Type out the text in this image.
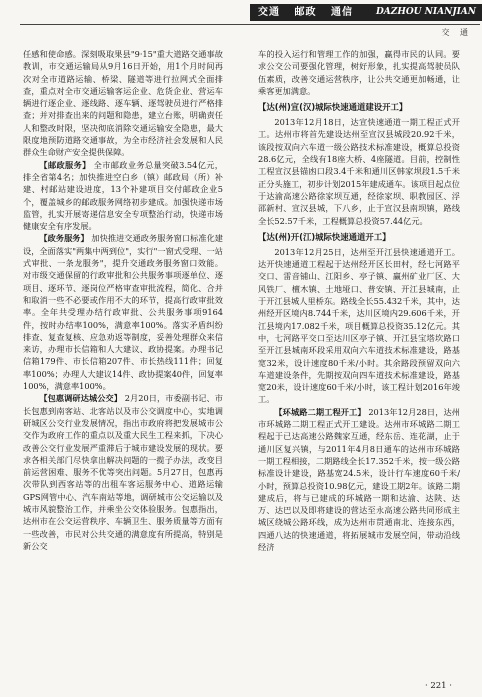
交通 邮政 通信	DAZHOU NIANJIAN
交 通

任感和使命感。深刻吸取果县"9·15"重大道路交通事故教训，市交通运输局从9月16日开始，用1个月时间再次对全市道路运输、桥梁、隧道等进行拉网式全面排查，重点对全市交通运输客运企业、危货企业、营运车辆进行逐企业、逐线路、逐车辆、逐驾驶员进行严格排查；并对排查出来的问题和隐患，建立台账，明确责任人和整改时限，坚决彻底消除交通运输安全隐患，最大限度地预防道路交通事故，为全市经济社会发展和人民群众生命财产安全提供保障。

【邮政服务】 全市邮政业务总量突破3.54亿元，排全省第4名；加快推进空白乡（镇）邮政局（所）补建、村邮站建设进度，13个补建项目交付邮政企业5个，覆盖城乡的邮政服务网络初步建成。加强快递市场监管，扎实开展寄递信息安全专项整治行动，快递市场健康安全有序发展。

【政务服务】 加快推进交通政务服务窗口标准化建设，全面落实"两集中两到位"，实行"一窗式受理、一站式审批、一条龙服务"，提升交通政务服务窗口效能。对市级交通保留的行政审批和公共服务事项逐单位、逐项目、逐环节、逐岗位严格审查审批流程，简化、合并和取消一些不必要或作用不大的环节，提高行政审批效率。全年共受理办结行政审批、公共服务事项9164件，按时办结率100%，满意率100%。落实矛盾纠纷排查、复查复核、应急劝返等制度，妥善处理群众来信来访，办理市长信箱和人大建议、政协提案。办理书记信箱179件、市长信箱207件、市长热线111件；回复率100%；办理人大建议14件、政协提案40件，回复率100%，满意率100%。

【包惠调研达城公交】 2月20日，市委副书记、市长包惠到南客站、北客站以及市公交调度中心，实地调研城区公交行业发展情况，指出市政府将把发展城市公交作为政府工作的重点以及重大民生工程来抓，下决心改善公交行业发展严重滞后于城市建设发展的现状。要求各相关部门尽快拿出解决问题的一揽子办法，改变目前运营困难、服务不优等突出问题。5月27日，包惠再次带队到西客站等的出租车客运服务中心、道路运输GPS网管中心、汽车南站等地，调研城市公交运输以及城市风貌整治工作，并乘坐公交体验服务。包惠指出，达州市在公交运营秩序、车辆卫生、服务质量等方面有一些改善，市民对公共交通的满意度有所提高，特别是新公交

车的投入运行和管理工作的加强，赢得市民的认同。要求公交公司要强化管理，树好形象，扎实提高驾驶员队伍素质，改善交通运营秩序，让公共交通更加畅通，让乘客更加满意。

【达(州)宣(汉)城际快速通道建设开工】

2013年12月18日，达宣快速通道一期工程正式开工。达州市将首先建设达州至宣汉县城段20.92千米，该段按双向六车道一级公路技术标准建设，概算总投资28.6亿元，全线有18座大桥、4座隧道。目前，控制性工程宣汉县锚凼口段3.4千米和通川区韩家坝段1.5千米正分头施工，初步计划2015年建成通车。该项目起点位于达渝高速公路徐家坝互通，经徐家坝、职教园区、浮邵新村、宣汉县城，下八乡，止于宣汉县南坝镇，路线全长52.57千米，工程概算总投资57.44亿元。

【达(州)开(江)城际快速通道开工】

2013年12月25日，达州至开江县快速通道开工。达开快速通道工程起于达州经开区长田村，经七河路平交口、雷音铺山、江阳乡、亭子镇、赢州矿业厂区、大风铁厂、檀木镇、土地垭口、普安镇、开江县城南，止于开江县城人里桥东。路线全长55.432千米，其中，达州经开区境内8.744千米，达川区境内29.606千米，开江县境内17.082千米，项目概算总投资35.12亿元。其中，七河路平交口至达川区亭子镇、开江县宝塔坎路口至开江县城南环段采用双向六车道技术标准建设，路基宽32米，设计速度80千米/小时。其余路段预留双向六车道建设条件，先期按双向四车道技术标准建设，路基宽20米，设计速度60千米/小时，该工程计划2016年竣工。

【环城路二期工程开工】 2013年12月28日，达州市环城路二期工程正式开工建设。达州市环城路二期工程起于已达高速公路魏家互通，经东岳、连花湖，止于通川区复兴镇，与2011年4月8日通车的达州市环城路一期工程相接，二期路线全长17.352千米，按一级公路标准设计建设，路基宽24.5米，设计行车速度60千米/小时，预算总投资10.98亿元，建设工期2年。该路二期建成后，将与已建成的环城路一期和达渝、达陕、达万、达巴以及即将建设的营达至永高速公路共同形成主城区绕城公路环线，成为达州市贯通南北、连接东西，四通八达的快速通道，将拓展城市发展空间，带动沿线经济

· 221 ·
